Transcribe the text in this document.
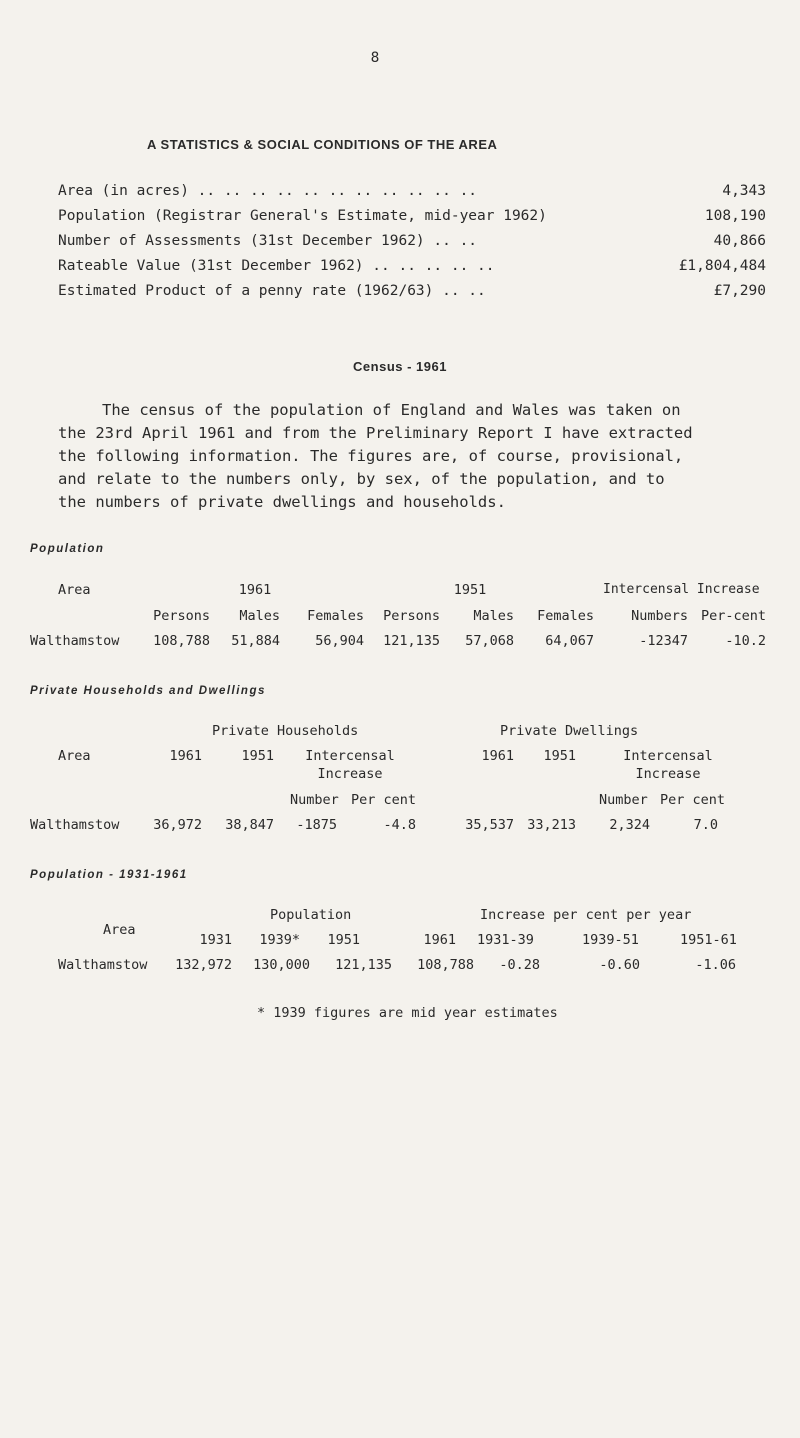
8
A STATISTICS & SOCIAL CONDITIONS OF THE AREA
Area (in acres) .. .. .. .. .. .. .. .. .. .. ..	4,343
Population (Registrar General's Estimate, mid-year 1962)	108,190
Number of Assessments (31st December 1962) .. ..	40,866
Rateable Value (31st December 1962) .. .. .. .. ..	£1,804,484
Estimated Product of a penny rate (1962/63) .. ..	£7,290
Census - 1961
The census of the population of England and Wales was taken on
the 23rd April 1961 and from the Preliminary Report I have extracted
the following information. The figures are, of course, provisional,
and relate to the numbers only, by sex, of the population, and to
the numbers of private dwellings and households.
Population
Area	1961	1951	Intercensal Increase
Persons	Males	Females	Persons	Males	Females	Numbers Per-cent
Walthamstow	108,788	51,884	56,904	121,135	57,068	64,067	-12347	-10.2
Private Households and Dwellings
Private Households	Private Dwellings
Area	1961	1951	Intercensal
Increase
1961	1951	Intercensal
Increase
Number Per cent	Number Per cent
Walthamstow	36,972	38,847	-1875	-4.8	35,537 33,213	2,324	7.0
Population - 1931-1961
Population	Increase per cent per year
Area
1931	1939*	1951	1961 1931-39	1939-51	1951-61
Walthamstow	132,972	130,000	121,135	108,788	-0.28	-0.60	-1.06
* 1939 figures are mid year estimates
